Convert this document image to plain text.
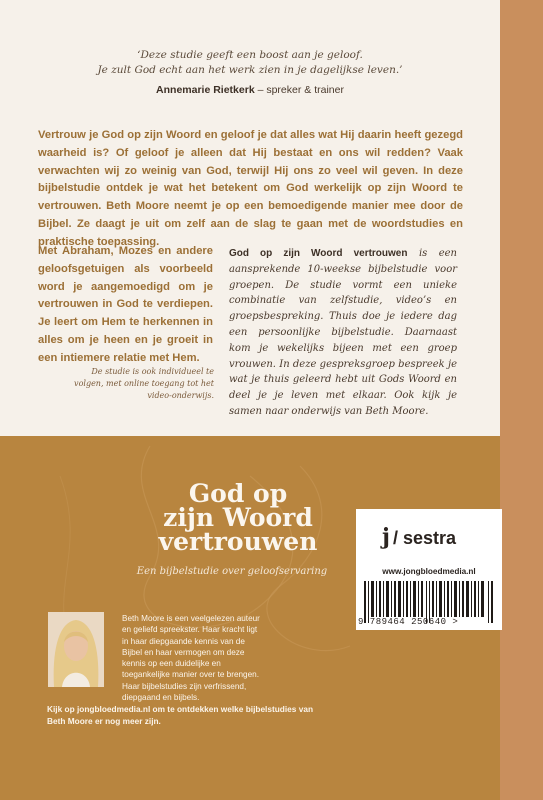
‘Deze studie geeft een boost aan je geloof.
Je zult God echt aan het werk zien in je dagelijkse leven.’
Annemarie Rietkerk – spreker & trainer
Vertrouw je God op zijn Woord en geloof je dat alles wat Hij daarin heeft gezegd waarheid is? Of geloof je alleen dat Hij bestaat en ons wil redden? Vaak verwachten wij zo weinig van God, terwijl Hij ons zo veel wil geven. In deze bijbelstudie ontdek je wat het betekent om God werkelijk op zijn Woord te vertrouwen. Beth Moore neemt je op een bemoedigende manier mee door de Bijbel. Ze daagt je uit om zelf aan de slag te gaan met de woordstudies en praktische toepassing.
Met Abraham, Mozes en andere geloofsgetuigen als voorbeeld word je aangemoedigd om je vertrouwen in God te verdiepen. Je leert om Hem te herkennen in alles om je heen en je groeit in een intiemere relatie met Hem.
De studie is ook individueel te volgen, met online toegang tot het video-onderwijs.
God op zijn Woord vertrouwen is een aansprekende 10-weekse bijbelstudie voor groepen. De studie vormt een unieke combinatie van zelfstudie, video’s en groepsbespreking. Thuis doe je iedere dag een persoonlijke bijbelstudie. Daarnaast kom je wekelijks bijeen met een groep vrouwen. In deze gespreksgroep bespreek je wat je thuis geleerd hebt uit Gods Woord en deel je je leven met elkaar. Ook kijk je samen naar onderwijs van Beth Moore.
God op
zijn Woord
vertrouwen
Een bijbelstudie over geloofservaring
Beth Moore is een veelgelezen auteur en geliefd spreekster. Haar kracht ligt in haar diepgaande kennis van de Bijbel en haar vermogen om deze kennis op een duidelijke en toegankelijke manier over te brengen. Haar bijbelstudies zijn verfrissend, diepgaand en bijbels.
Kijk op jongbloedmedia.nl om te ontdekken welke bijbelstudies van Beth Moore er nog meer zijn.
j / sestra
www.jongbloedmedia.nl
9 789464 250640 >
